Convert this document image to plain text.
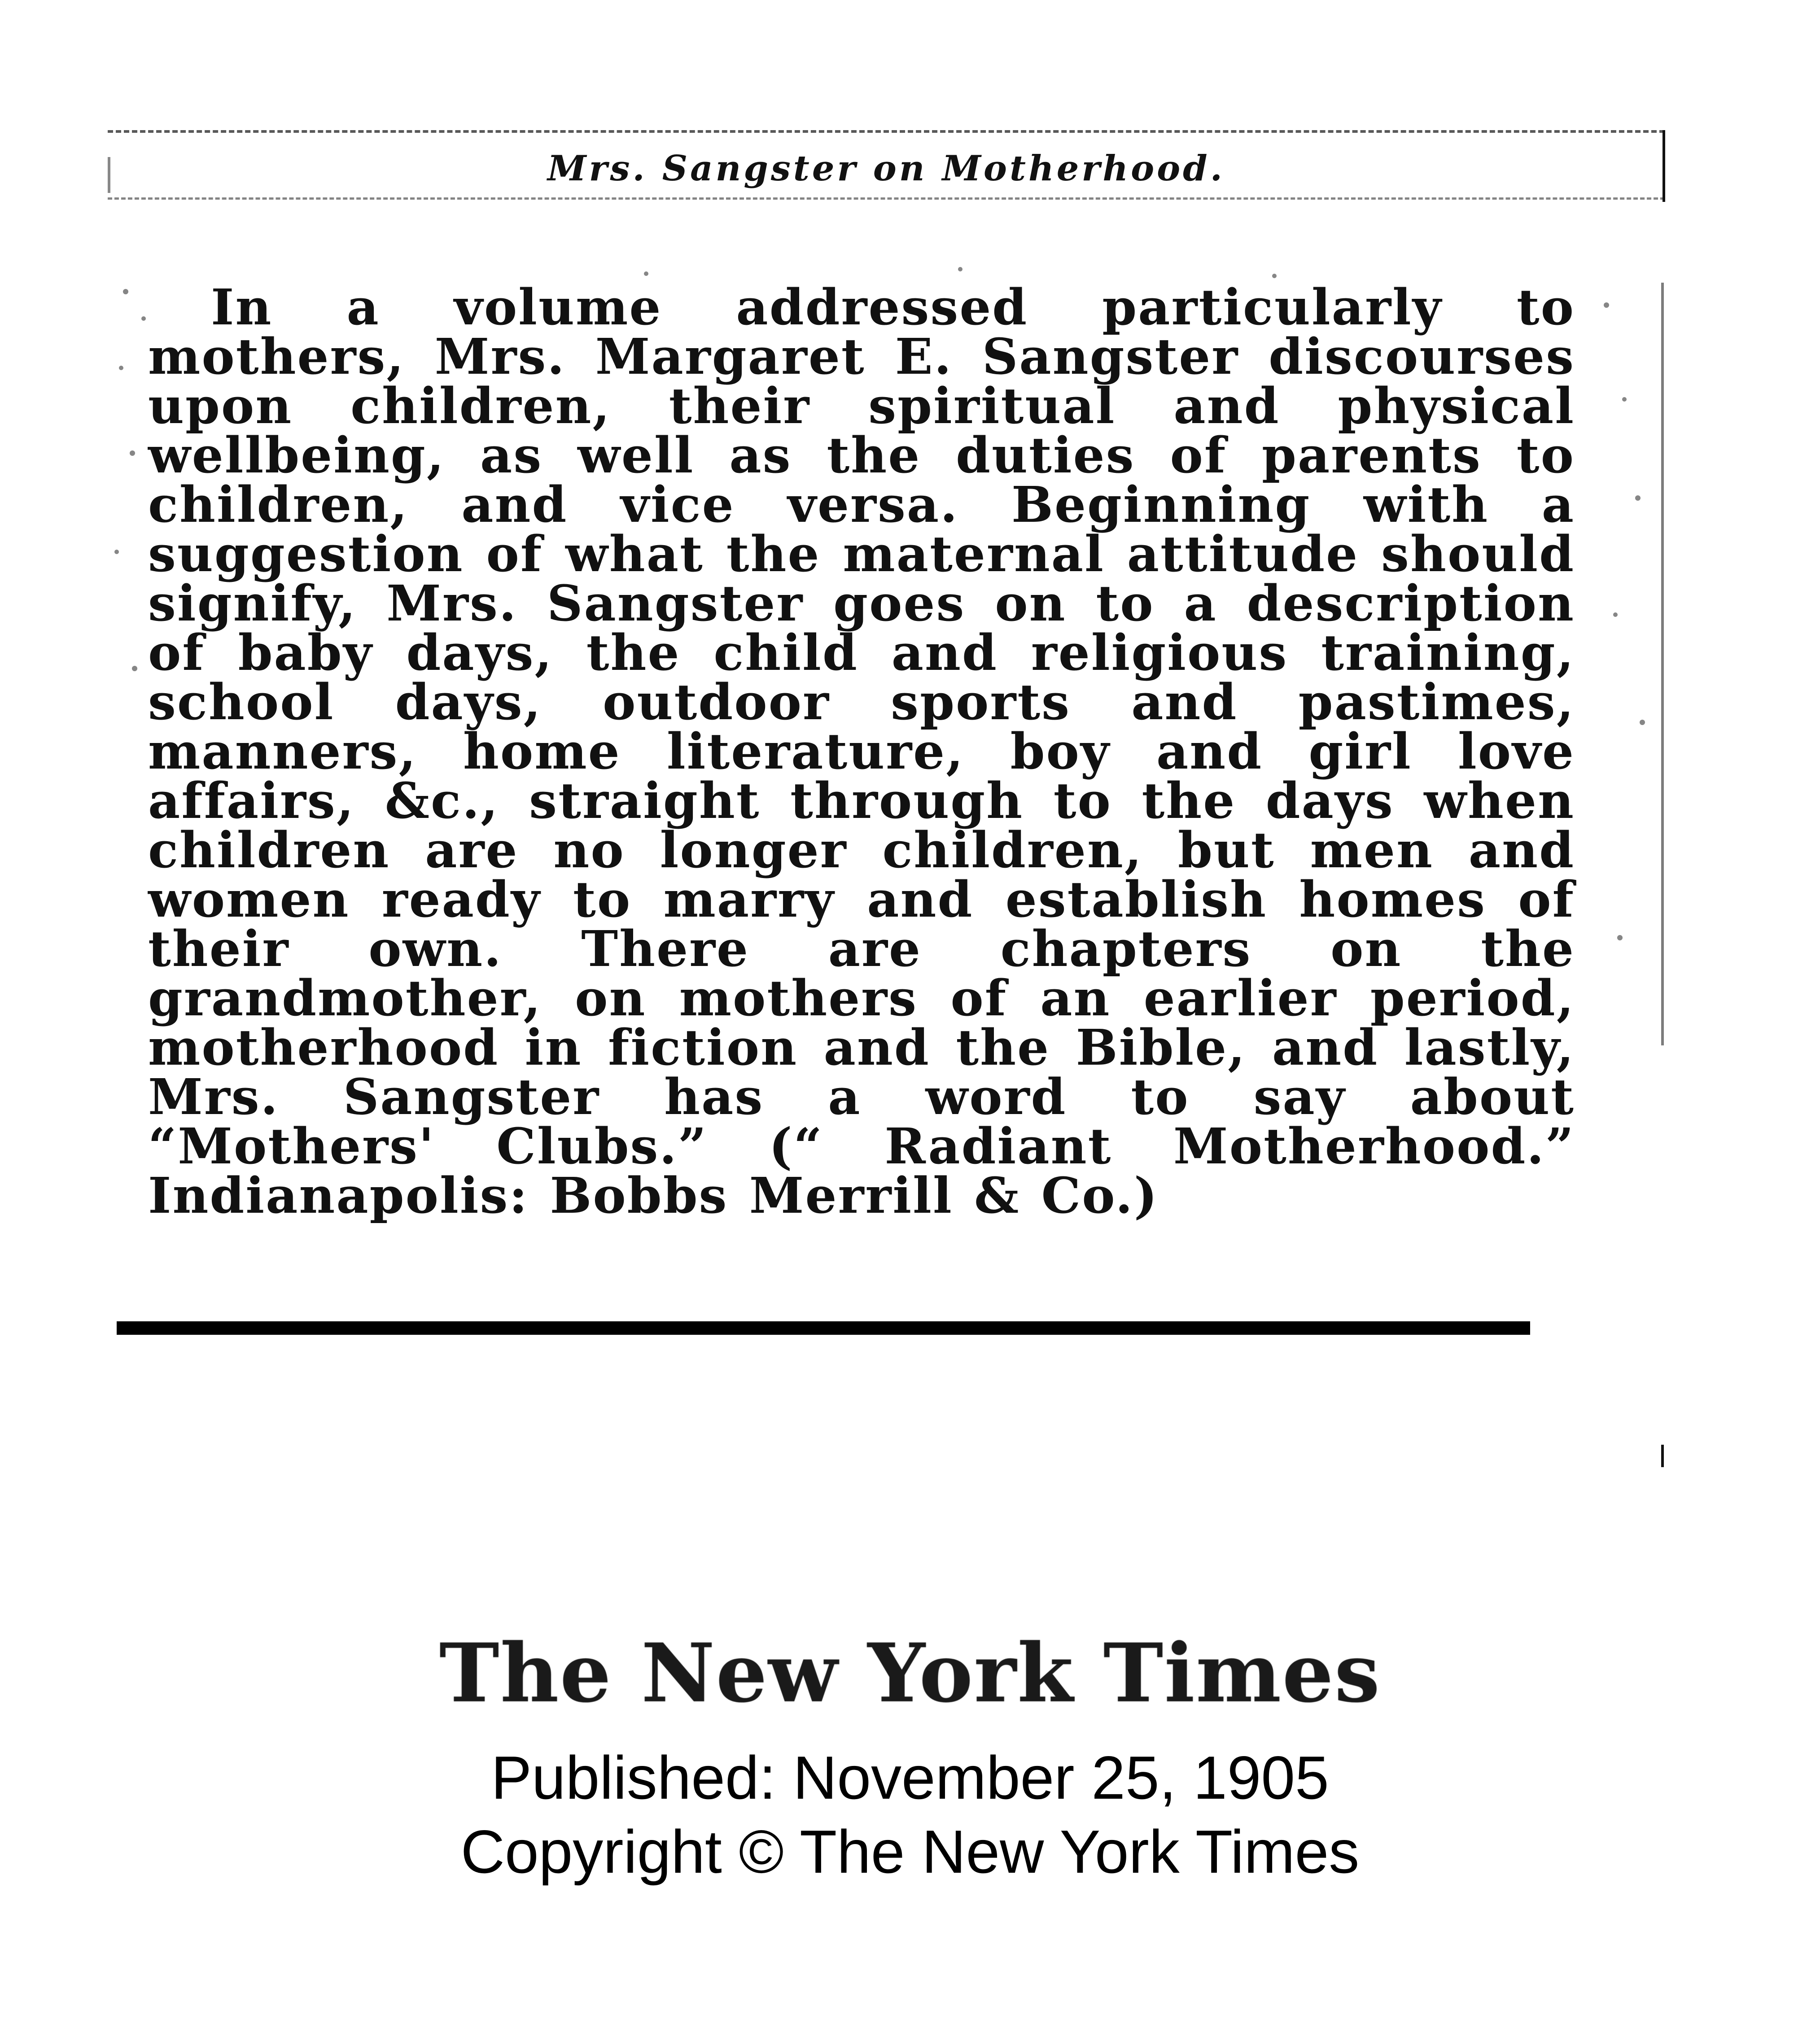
Mrs. Sangster on Motherhood.
In a volume addressed particularly to mothers, Mrs. Margaret E. Sangster discourses upon children, their spiritual and physical wellbeing, as well as the duties of parents to children, and vice versa. Beginning with a suggestion of what the maternal attitude should signify, Mrs. Sangster goes on to a description of baby days, the child and religious training, school days, outdoor sports and pastimes, manners, home literature, boy and girl love affairs, &c., straight through to the days when children are no longer children, but men and women ready to marry and establish homes of their own. There are chapters on the grandmother, on mothers of an earlier period, motherhood in fiction and the Bible, and lastly, Mrs. Sangster has a word to say about “Mothers' Clubs.” (“ Radiant Motherhood.” Indianapolis: Bobbs Merrill & Co.)
The New York Times
Published: November 25, 1905
Copyright © The New York Times
